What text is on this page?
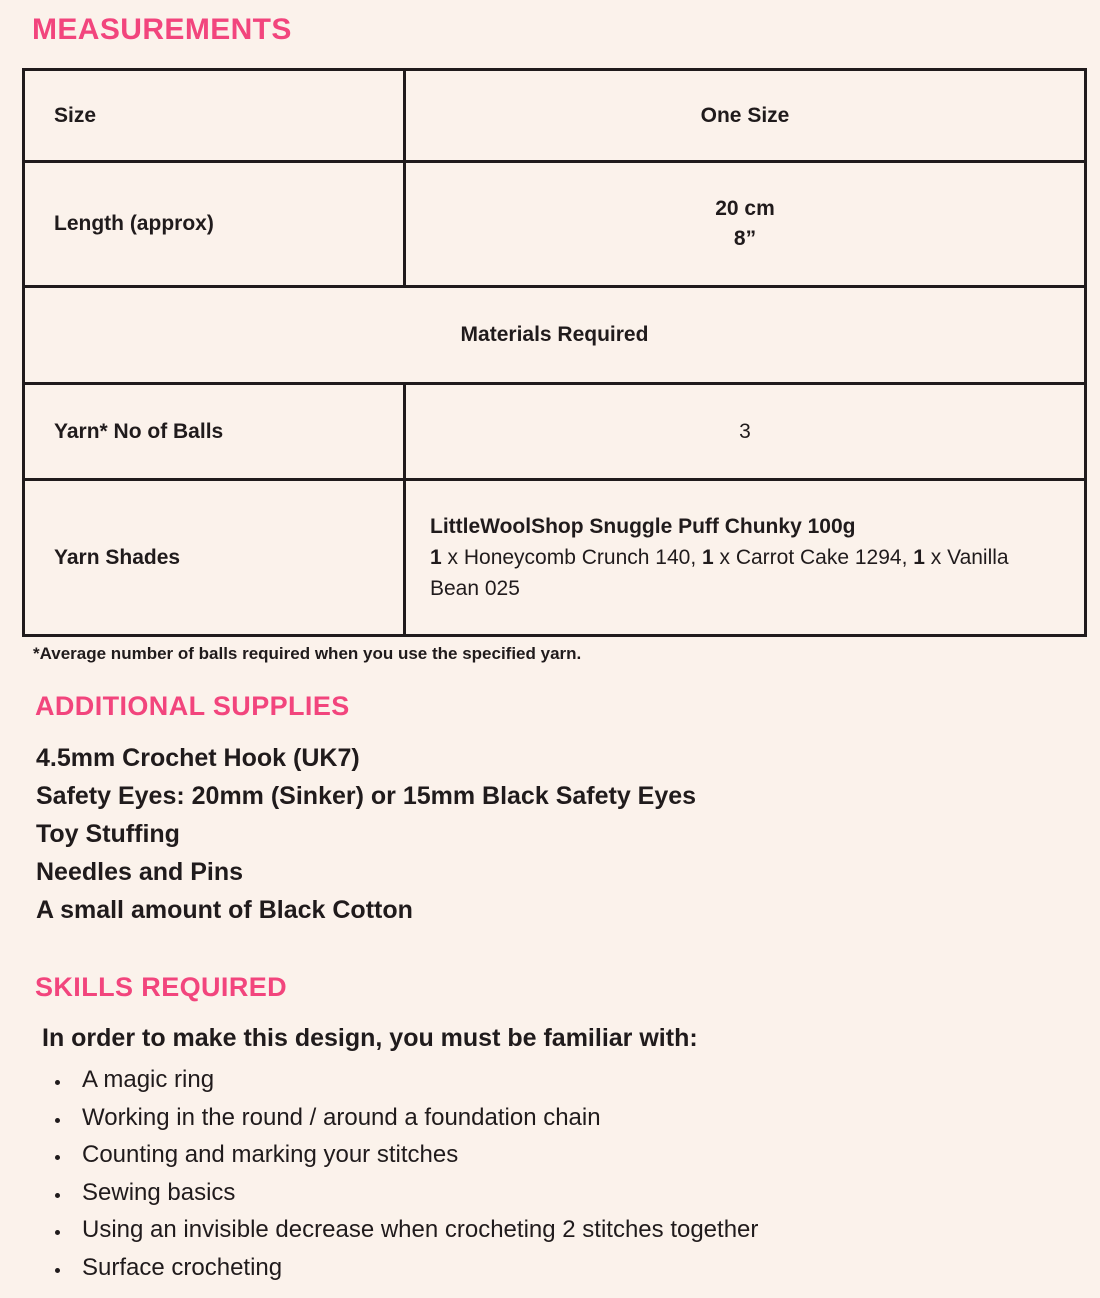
MEASUREMENTS
Size	One Size
Length (approx)	20 cm
8”

Materials Required	
Yarn* No of Balls	3
Yarn Shades	LittleWoolShop Snuggle Puff Chunky 100g
1 x Honeycomb Crunch 140, 1 x Carrot Cake 1294, 1 x Vanilla Bean 025

*Average number of balls required when you use the specified yarn.

ADDITIONAL SUPPLIES
4.5mm Crochet Hook (UK7)
Safety Eyes: 20mm (Sinker) or 15mm Black Safety Eyes
Toy Stuffing
Needles and Pins
A small amount of Black Cotton
SKILLS REQUIRED

In order to make this design, you must be familiar with:

• A magic ring
• Working in the round / around a foundation chain
• Counting and marking your stitches
• Sewing basics
• Using an invisible decrease when crocheting 2 stitches together
• Surface crocheting
